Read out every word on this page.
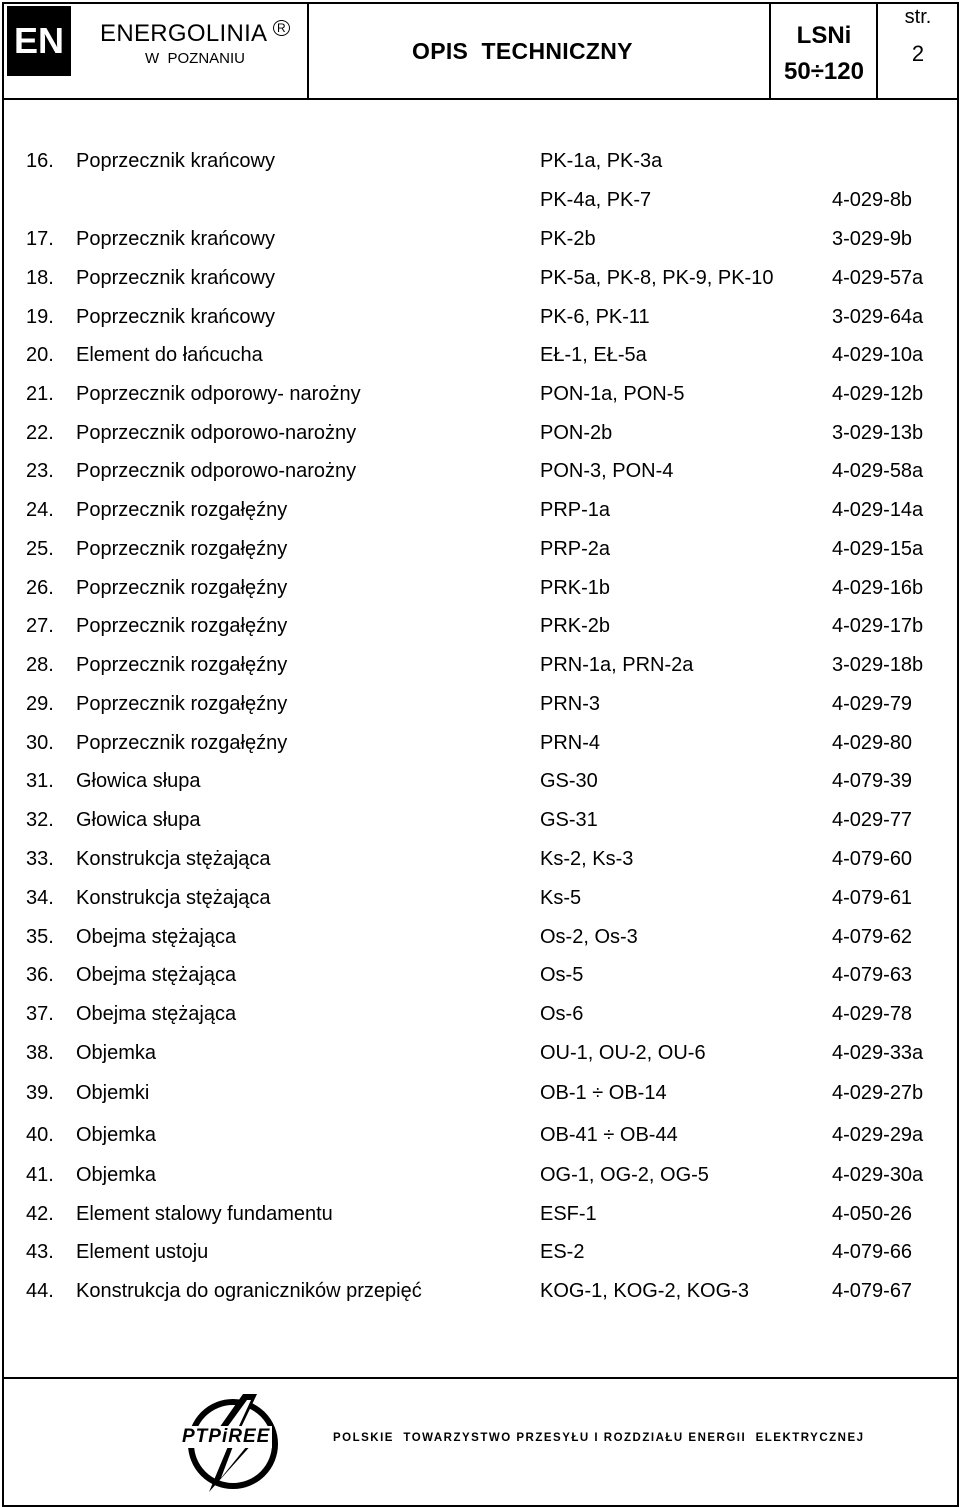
EN	ENERGOLINIA $^R$
W  POZNANIU	OPIS  TECHNICZNY
LSNi
50÷120
str.
2
16. Poprzecznik krańcowy	PK-1a, PK-3a
PK-4a, PK-7	4-029-8b
17. Poprzecznik krańcowy	PK-2b	3-029-9b
18. Poprzecznik krańcowy	PK-5a, PK-8, PK-9, PK-10	4-029-57a
19. Poprzecznik krańcowy	PK-6, PK-11	3-029-64a
20. Element do łańcucha	EŁ-1, EŁ-5a	4-029-10a
21. Poprzecznik odporowy- narożny	PON-1a, PON-5	4-029-12b
22. Poprzecznik odporowo-narożny	PON-2b	3-029-13b
23. Poprzecznik odporowo-narożny	PON-3, PON-4	4-029-58a
24. Poprzecznik rozgałęźny	PRP-1a	4-029-14a
25. Poprzecznik rozgałęźny	PRP-2a	4-029-15a
26. Poprzecznik rozgałęźny	PRK-1b	4-029-16b
27. Poprzecznik rozgałęźny	PRK-2b	4-029-17b
28. Poprzecznik rozgałęźny	PRN-1a, PRN-2a	3-029-18b
29. Poprzecznik rozgałęźny	PRN-3	4-029-79
30. Poprzecznik rozgałęźny	PRN-4	4-029-80
31. Głowica słupa	GS-30	4-079-39
32. Głowica słupa	GS-31	4-029-77
33. Konstrukcja stężająca	Ks-2, Ks-3	4-079-60
34. Konstrukcja stężająca	Ks-5	4-079-61
35. Obejma stężająca	Os-2, Os-3	4-079-62
36. Obejma stężająca	Os-5	4-079-63
37. Obejma stężająca	Os-6	4-029-78
38. Objemka	OU-1, OU-2, OU-6	4-029-33a
39. Objemki	OB-1 ÷ OB-14	4-029-27b
40. Objemka	OB-41 ÷ OB-44	4-029-29a
41. Objemka	OG-1, OG-2, OG-5	4-029-30a
42. Element stalowy fundamentu	ESF-1	4-050-26
43. Element ustoju	ES-2	4-079-66
44. Konstrukcja do ograniczników przepięć	KOG-1, KOG-2, KOG-3	4-079-67
PTPiREE	POLSKIE  TOWARZYSTWO PRZESYŁU I ROZDZIAŁU ENERGII  ELEKTRYCZNEJ
